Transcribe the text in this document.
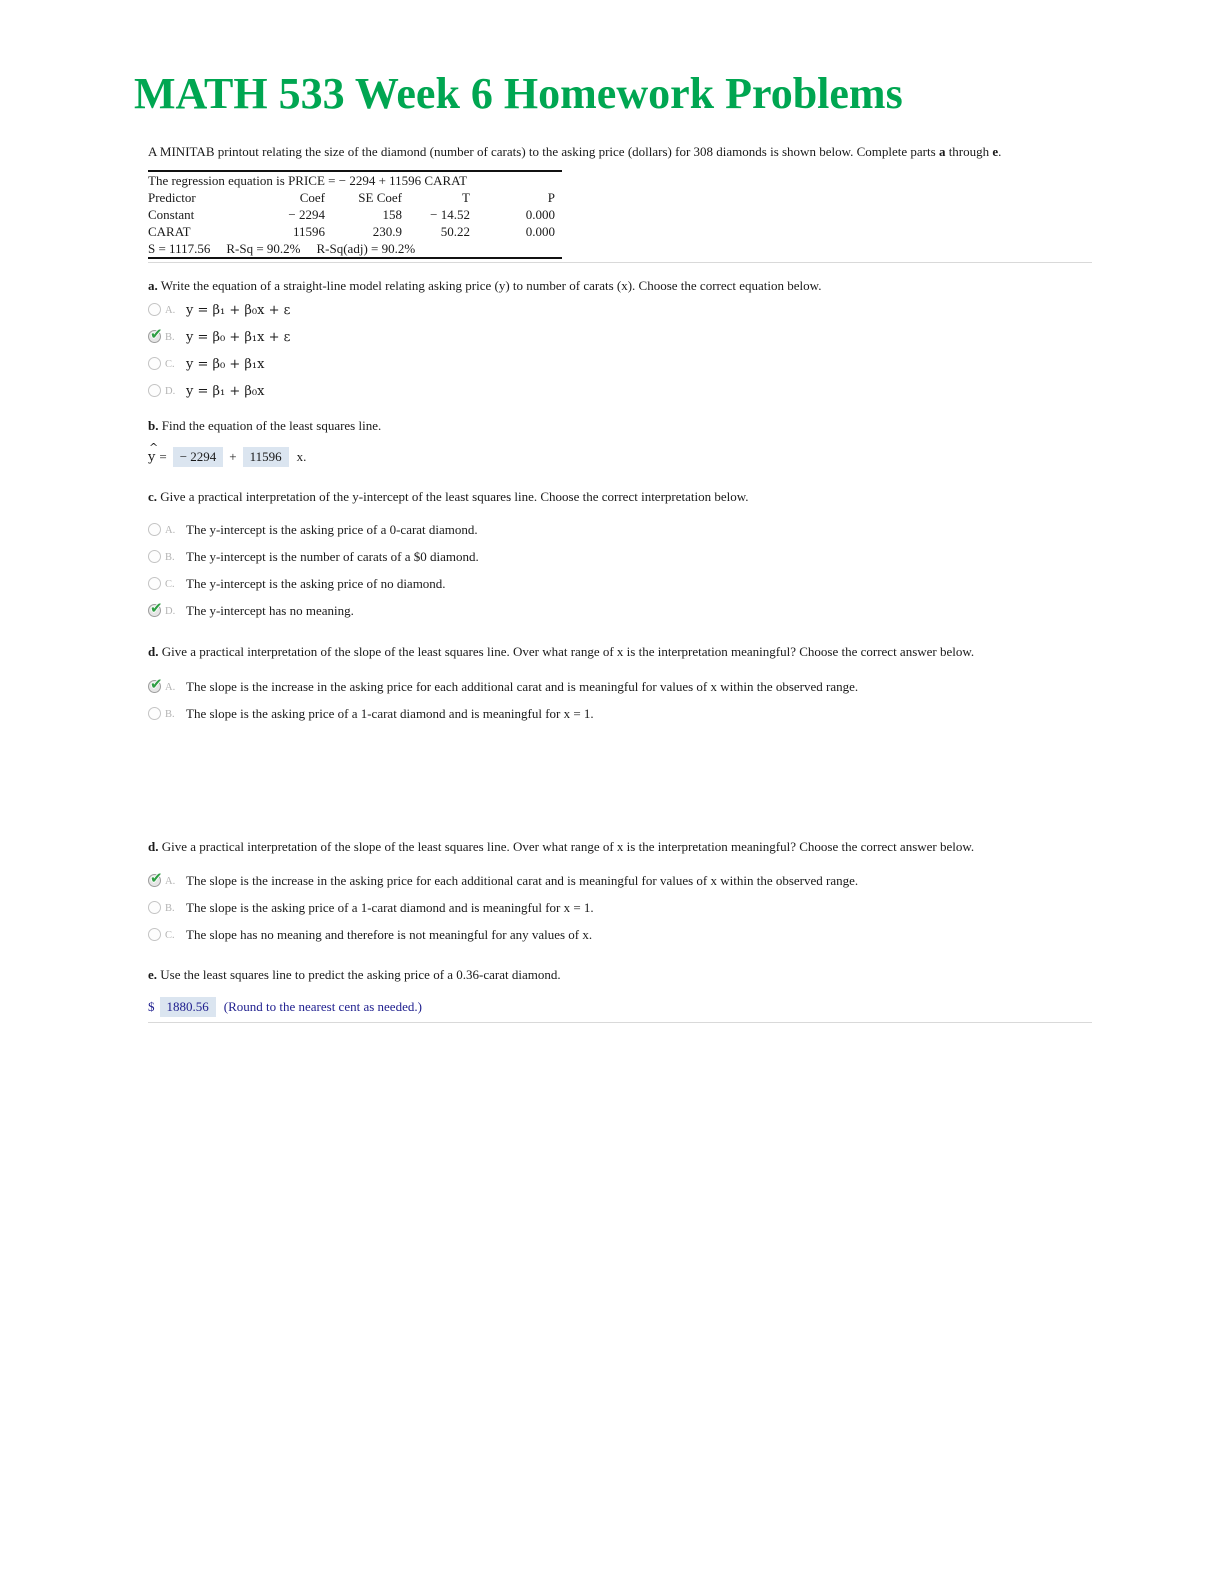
MATH 533 Week 6 Homework Problems

A MINITAB printout relating the size of the diamond (number of carats) to the asking price (dollars) for 308 diamonds is shown below. Complete parts a through e.

The regression equation is PRICE = − 2294 + 11596 CARAT
Predictor	Coef	SE Coef	T	P
Constant	− 2294	158	− 14.52	0.000
CARAT	11596	230.9	50.22	0.000
S = 1117.56 R-Sq = 90.2% R-Sq(adj) = 90.2%

a. Write the equation of a straight-line model relating asking price (y) to number of carats (x). Choose the correct equation below.

A. y = β₁ + β₀x + ε
✔ B. y = β₀ + β₁x + ε
C. y = β₀ + β₁x
D. y = β₁ + β₀x

b. Find the equation of the least squares line.

^
y =	− 2294	+	11596	x.

c. Give a practical interpretation of the y-intercept of the least squares line. Choose the correct interpretation below.

A. The y-intercept is the asking price of a 0-carat diamond.
B. The y-intercept is the number of carats of a $0 diamond.
C. The y-intercept is the asking price of no diamond.
✔ D. The y-intercept has no meaning.

d. Give a practical interpretation of the slope of the least squares line. Over what range of x is the interpretation meaningful? Choose the correct answer below.

✔ A. The slope is the increase in the asking price for each additional carat and is meaningful for values of x within the observed range.
B. The slope is the asking price of a 1-carat diamond and is meaningful for x = 1.

d. Give a practical interpretation of the slope of the least squares line. Over what range of x is the interpretation meaningful? Choose the correct answer below.

✔ A. The slope is the increase in the asking price for each additional carat and is meaningful for values of x within the observed range.
B. The slope is the asking price of a 1-carat diamond and is meaningful for x = 1.
C. The slope has no meaning and therefore is not meaningful for any values of x.

e. Use the least squares line to predict the asking price of a 0.36-carat diamond.

$ 1880.56	(Round to the nearest cent as needed.)
